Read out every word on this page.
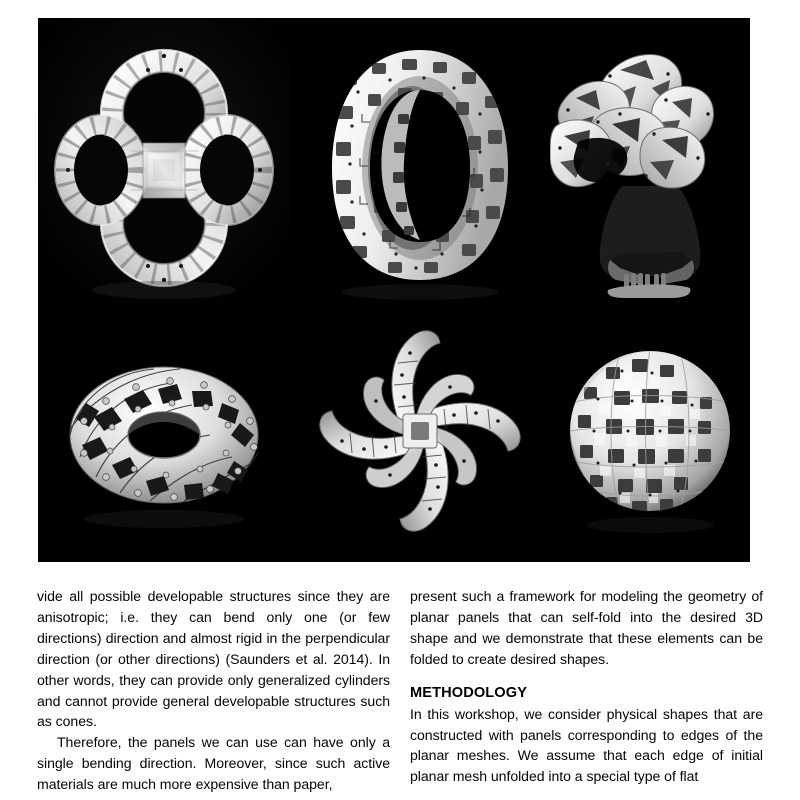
vide all possible developable structures since they are anisotropic; i.e. they can bend only one (or few directions) direction and almost rigid in the perpendicular direction (or other directions) (Saunders et al. 2014). In other words, they can provide only generalized cylinders and cannot provide general developable structures such as cones.

Therefore, the panels we can use can have only a single bending direction. Moreover, since such active materials are much more expensive than paper,

present such a framework for modeling the geometry of planar panels that can self-fold into the desired 3D shape and we demonstrate that these elements can be folded to create desired shapes.

METHODOLOGY

In this workshop, we consider physical shapes that are constructed with panels corresponding to edges of the planar meshes. We assume that each edge of initial planar mesh unfolded into a special type of flat
